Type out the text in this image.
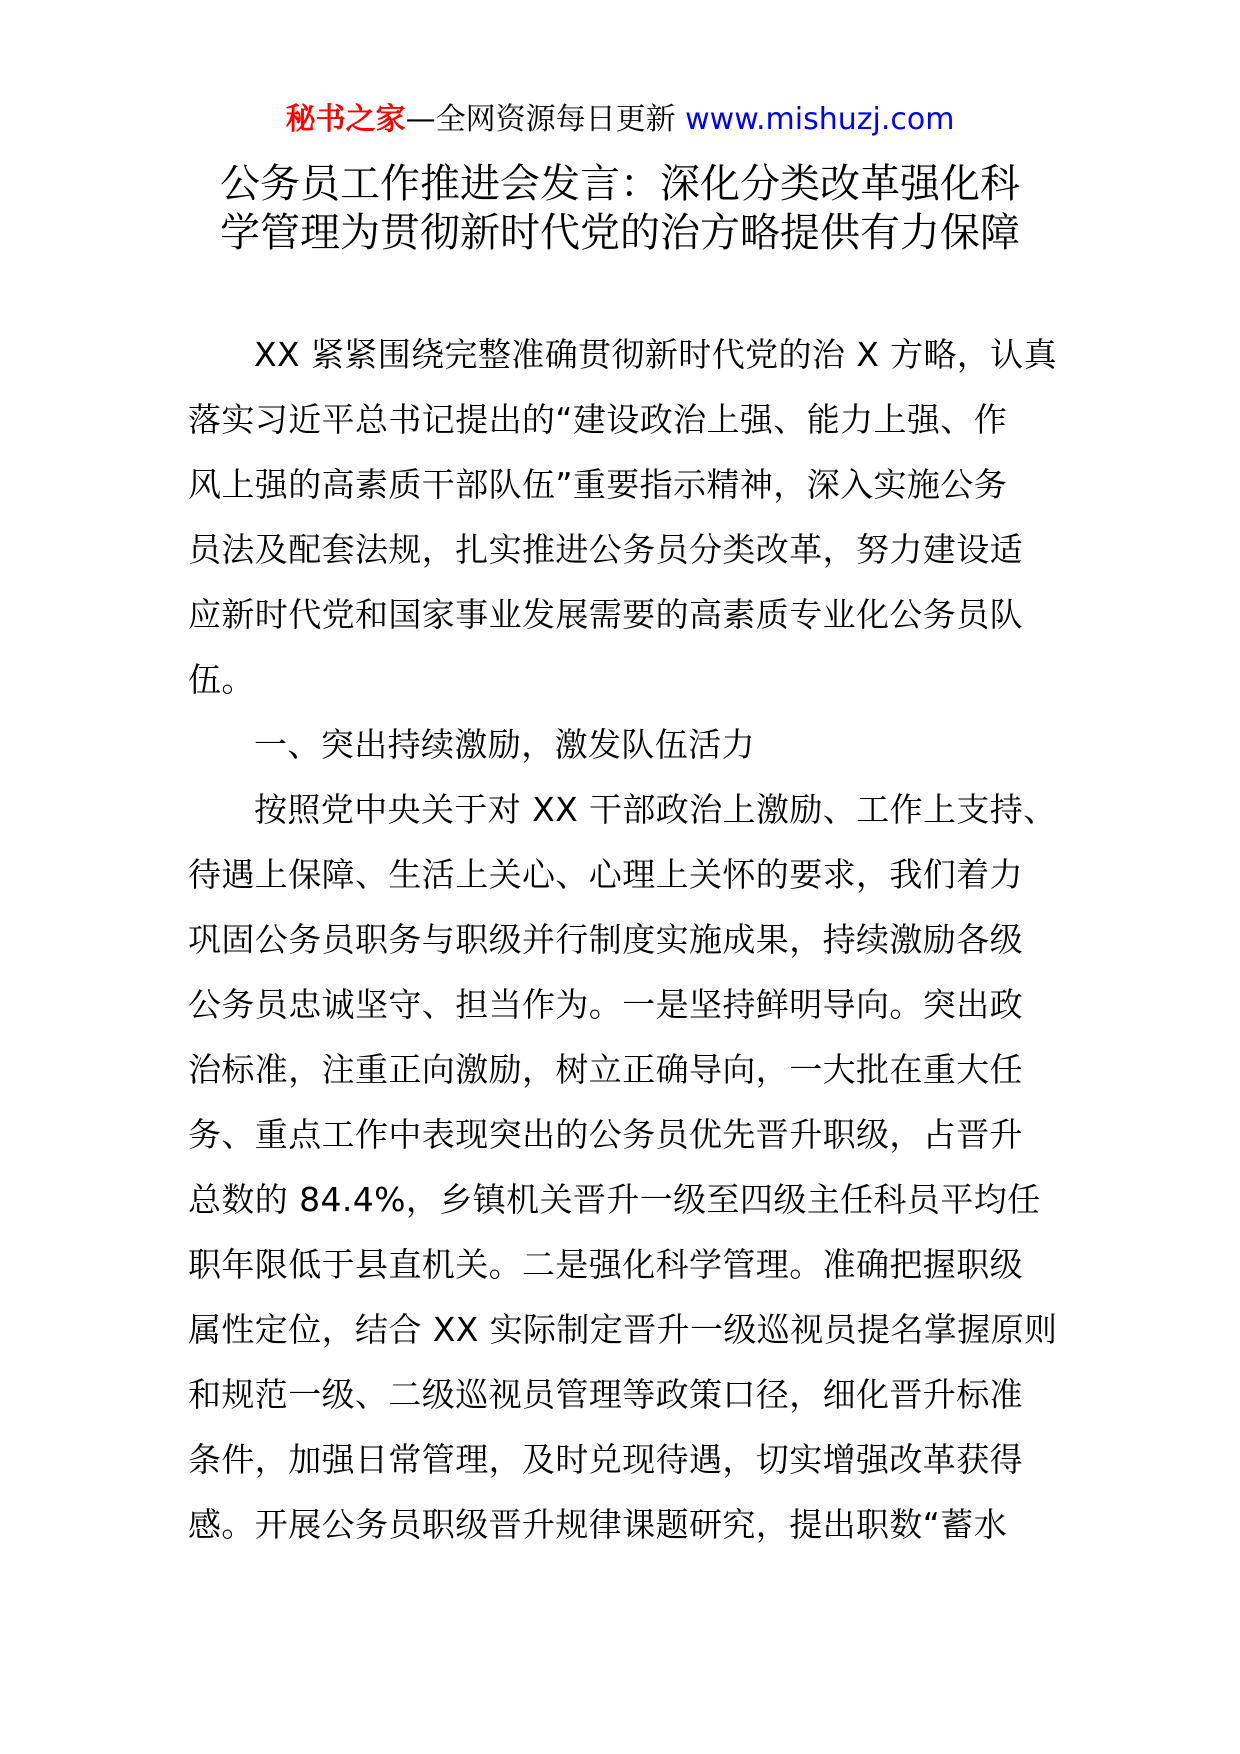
秘书之家—全网资源每日更新 www.mishuzj.com
公务员工作推进会发言：深化分类改革强化科
学管理为贯彻新时代党的治方略提供有力保障
XX 紧紧围绕完整准确贯彻新时代党的治 X 方略，认真
落实习近平总书记提出的“建设政治上强、能力上强、作
风上强的高素质干部队伍”重要指示精神，深入实施公务
员法及配套法规，扎实推进公务员分类改革，努力建设适
应新时代党和国家事业发展需要的高素质专业化公务员队
伍。
一、突出持续激励，激发队伍活力
按照党中央关于对 XX 干部政治上激励、工作上支持、
待遇上保障、生活上关心、心理上关怀的要求，我们着力
巩固公务员职务与职级并行制度实施成果，持续激励各级
公务员忠诚坚守、担当作为。一是坚持鲜明导向。突出政
治标准，注重正向激励，树立正确导向，一大批在重大任
务、重点工作中表现突出的公务员优先晋升职级，占晋升
总数的 84.4%，乡镇机关晋升一级至四级主任科员平均任
职年限低于县直机关。二是强化科学管理。准确把握职级
属性定位，结合 XX 实际制定晋升一级巡视员提名掌握原则
和规范一级、二级巡视员管理等政策口径，细化晋升标准
条件，加强日常管理，及时兑现待遇，切实增强改革获得
感。开展公务员职级晋升规律课题研究，提出职数“蓄水
